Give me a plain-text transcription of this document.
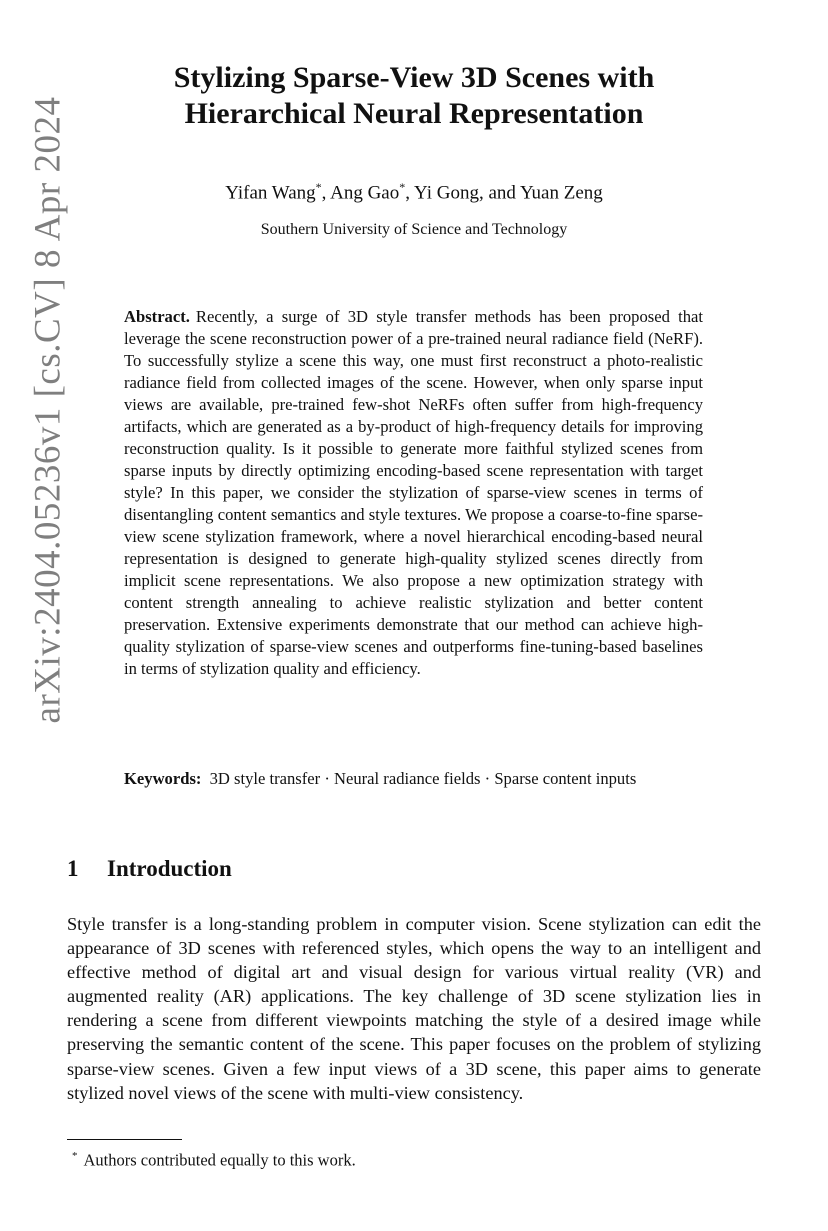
arXiv:2404.05236v1 [cs.CV] 8 Apr 2024
Stylizing Sparse-View 3D Scenes with
Hierarchical Neural Representation
Yifan Wang*, Ang Gao*, Yi Gong, and Yuan Zeng
Southern University of Science and Technology

Abstract. Recently, a surge of 3D style transfer methods has been proposed that leverage the scene reconstruction power of a pre-trained neural radiance field (NeRF). To successfully stylize a scene this way, one must first reconstruct a photo-realistic radiance field from collected images of the scene. However, when only sparse input views are available, pre-trained few-shot NeRFs often suffer from high-frequency artifacts, which are generated as a by-product of high-frequency details for improving reconstruction quality. Is it possible to generate more faithful stylized scenes from sparse inputs by directly optimizing encoding-based scene representation with target style? In this paper, we consider the stylization of sparse-view scenes in terms of disentangling content semantics and style textures. We propose a coarse-to-fine sparse-view scene stylization framework, where a novel hierarchical encoding-based neural representation is designed to generate high-quality stylized scenes directly from implicit scene representations. We also propose a new optimization strategy with content strength annealing to achieve realistic stylization and better content preservation. Extensive experiments demonstrate that our method can achieve high-quality stylization of sparse-view scenes and outperforms fine-tuning-based baselines in terms of stylization quality and efficiency.

Keywords: 3D style transfer · Neural radiance fields · Sparse content inputs

1 Introduction

Style transfer is a long-standing problem in computer vision. Scene stylization can edit the appearance of 3D scenes with referenced styles, which opens the way to an intelligent and effective method of digital art and visual design for various virtual reality (VR) and augmented reality (AR) applications. The key challenge of 3D scene stylization lies in rendering a scene from different viewpoints matching the style of a desired image while preserving the semantic content of the scene. This paper focuses on the problem of stylizing sparse-view scenes. Given a few input views of a 3D scene, this paper aims to generate stylized novel views of the scene with multi-view consistency.

* Authors contributed equally to this work.
